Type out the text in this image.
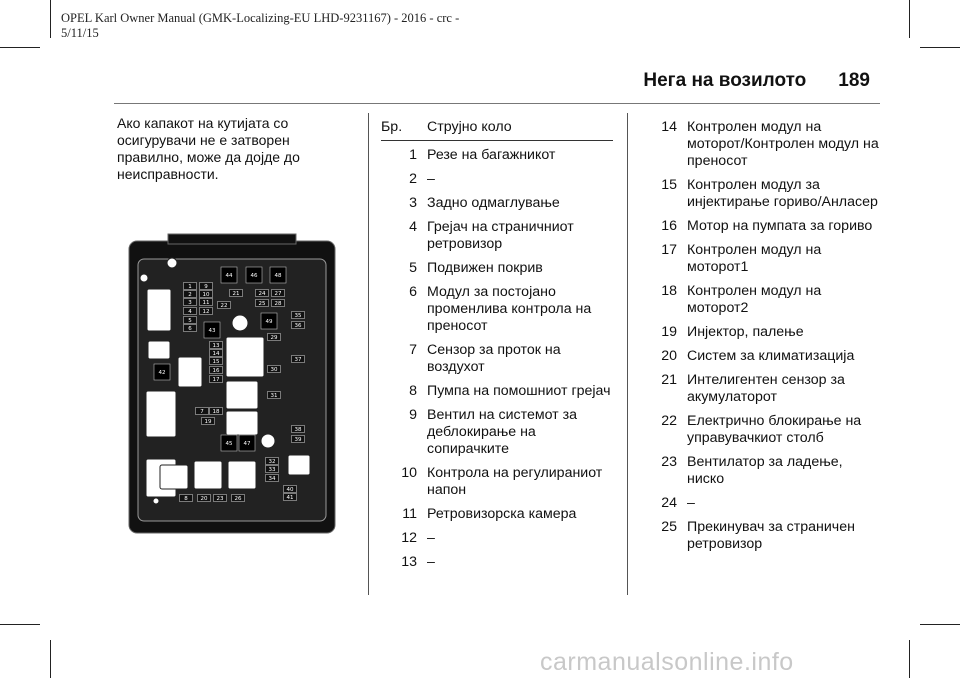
OPEL Karl Owner Manual (GMK-Localizing-EU LHD-9231167) - 2016 - crc -
5/11/15
Нега на возилото 189
Ако капакот на кутијата со осигурувачи не е затворен правилно, може да дојде до неисправности.
1
2
3
4
5
6
7
8
9
10
11
12
13
14
15
16
17
18
19
20
21
22
23
24
25
26
27
28
29
30
31
32
33
34
35
36
37
38
39
40
41
42
43
44
45
46
47
48
49
Бр.	Струјно коло
1 Резе на багажникот
2 –
3 Задно одмаглување
4 Грејач на страничниот ретровизор
5 Подвижен покрив
6 Модул за постојано променлива контрола на преносот
7 Сензор за проток на воздухот
8 Пумпа на помошниот грејач
9 Вентил на системот за деблокирање на сопирачките
10 Контрола на регулираниот напон
11 Ретровизорска камера
12 –
13 –
14 Контролен модул на моторот/Контролен модул на преносот
15 Контролен модул за инјектирање гориво/Анласер
16 Мотор на пумпата за гориво
17 Контролен модул на моторот1
18 Контролен модул на моторот2
19 Инјектор, палење
20 Систем за климатизација
21 Интелигентен сензор за акумулаторот
22 Електрично блокирање на управувачкиот столб
23 Вентилатор за ладење, ниско
24 –
25 Прекинувач за страничен ретровизор
carmanualsonline.info
